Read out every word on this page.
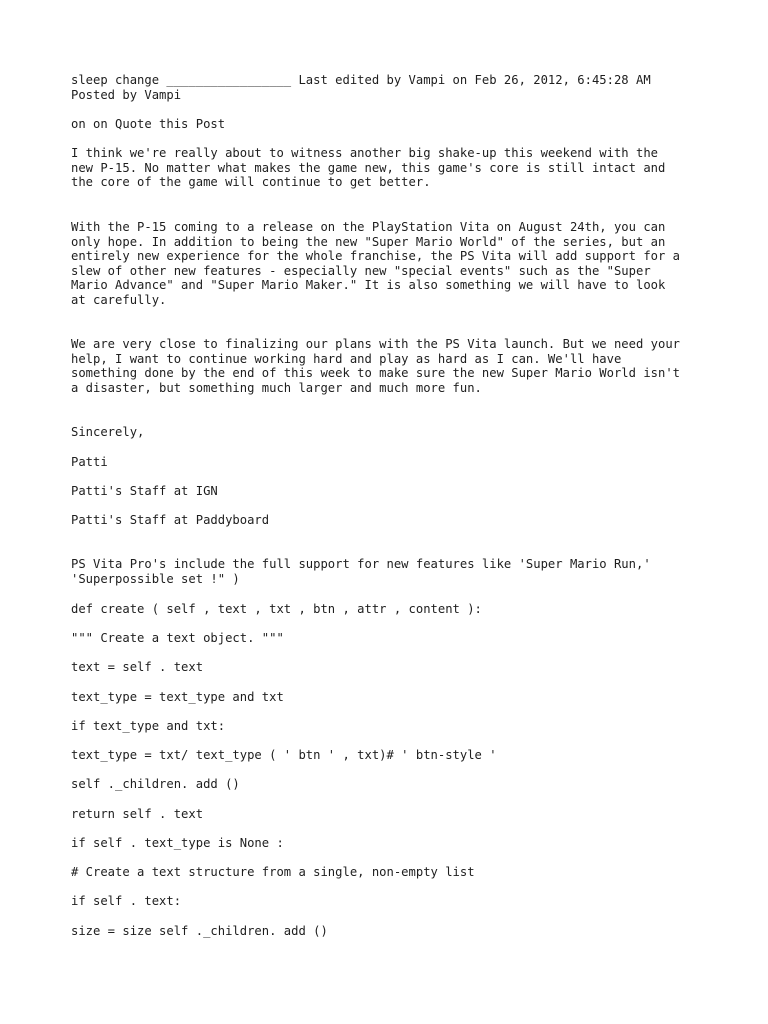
sleep change _________________ Last edited by Vampi on Feb 26, 2012, 6:45:28 AM

Posted by Vampi

on on Quote this Post

I think we're really about to witness another big shake-up this weekend with the
new P-15. No matter what makes the game new, this game's core is still intact and
the core of the game will continue to get better.

With the P-15 coming to a release on the PlayStation Vita on August 24th, you can
only hope. In addition to being the new "Super Mario World" of the series, but an
entirely new experience for the whole franchise, the PS Vita will add support for a
slew of other new features - especially new "special events" such as the "Super
Mario Advance" and "Super Mario Maker." It is also something we will have to look
at carefully.

We are very close to finalizing our plans with the PS Vita launch. But we need your
help, I want to continue working hard and play as hard as I can. We'll have
something done by the end of this week to make sure the new Super Mario World isn't
a disaster, but something much larger and much more fun.

Sincerely,

Patti

Patti's Staff at IGN

Patti's Staff at Paddyboard

PS Vita Pro's include the full support for new features like 'Super Mario Run,'
'Superpossible set !" )

def create ( self , text , txt , btn , attr , content ):

""" Create a text object. """

text = self . text

text_type = text_type and txt

if text_type and txt:

text_type = txt/ text_type ( ' btn ' , txt)# ' btn-style '

self ._children. add ()

return self . text

if self . text_type is None :

# Create a text structure from a single, non-empty list

if self . text:

size = size self ._children. add ()
